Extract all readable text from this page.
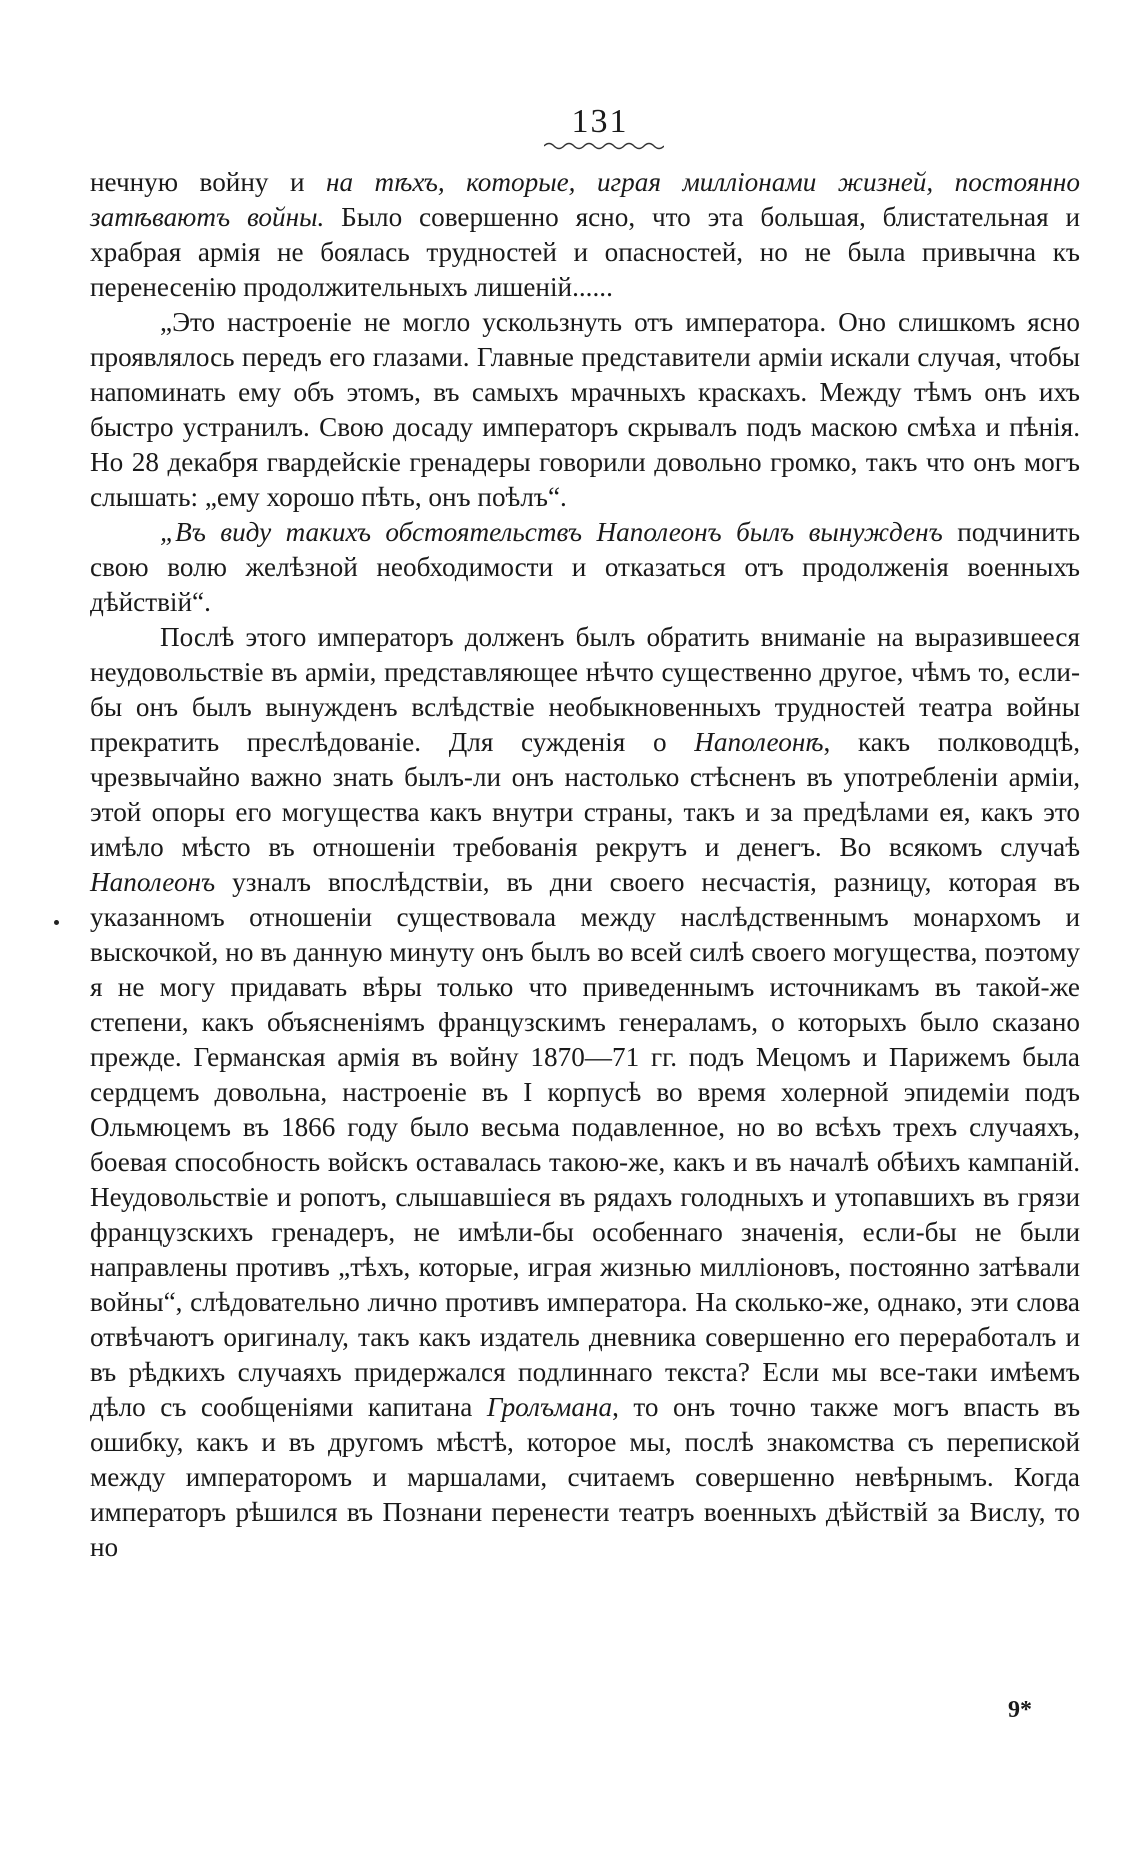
131

нечную войну и на тѣхъ, которые, играя милліонами жизней, постоянно затѣваютъ войны. Было совершенно ясно, что эта большая, блистательная и храбрая армія не боялась трудностей и опасностей, но не была привычна къ перенесенію продолжительныхъ лишеній......

„Это настроеніе не могло ускользнуть отъ императора. Оно слишкомъ ясно проявлялось передъ его глазами. Главные представители арміи искали случая, чтобы напоминать ему объ этомъ, въ самыхъ мрачныхъ краскахъ. Между тѣмъ онъ ихъ быстро устранилъ. Свою досаду императоръ скрывалъ подъ маскою смѣха и пѣнія. Но 28 декабря гвардейскіе гренадеры говорили довольно громко, такъ что онъ могъ слышать: „ему хорошо пѣть, онъ поѣлъ“.

„Въ виду такихъ обстоятельствъ Наполеонъ былъ вынужденъ подчинить свою волю желѣзной необходимости и отказаться отъ продолженія военныхъ дѣйствій“.

Послѣ этого императоръ долженъ былъ обратить вниманіе на выразившееся неудовольствіе въ арміи, представляющее нѣчто существенно другое, чѣмъ то, если-бы онъ былъ вынужденъ вслѣдствіе необыкновенныхъ трудностей театра войны прекратить преслѣдованіе. Для сужденія о Наполеонѣ, какъ полководцѣ, чрезвычайно важно знать былъ-ли онъ настолько стѣсненъ въ употребленіи арміи, этой опоры его могущества какъ внутри страны, такъ и за предѣлами ея, какъ это имѣло мѣсто въ отношеніи требованія рекрутъ и денегъ. Во всякомъ случаѣ Наполеонъ узналъ впослѣдствіи, въ дни своего несчастія, разницу, которая въ указанномъ отношеніи существовала между наслѣдственнымъ монархомъ и выскочкой, но въ данную минуту онъ былъ во всей силѣ своего могущества, поэтому я не могу придавать вѣры только что приведеннымъ источникамъ въ такой-же степени, какъ объясненіямъ французскимъ генераламъ, о которыхъ было сказано прежде. Германская армія въ войну 1870—71 гг. подъ Мецомъ и Парижемъ была сердцемъ довольна, настроеніе въ I корпусѣ во время холерной эпидеміи подъ Ольмюцемъ въ 1866 году было весьма подавленное, но во всѣхъ трехъ случаяхъ, боевая способность войскъ оставалась такою-же, какъ и въ началѣ обѣихъ кампаній. Неудовольствіе и ропотъ, слышавшіеся въ рядахъ голодныхъ и утопавшихъ въ грязи французскихъ гренадеръ, не имѣли-бы особеннаго значенія, если-бы не были направлены противъ „тѣхъ, которые, играя жизнью милліоновъ, постоянно затѣвали войны“, слѣдовательно лично противъ императора. На сколько-же, однако, эти слова отвѣчаютъ оригиналу, такъ какъ издатель дневника совершенно его переработалъ и въ рѣдкихъ случаяхъ придержался подлиннаго текста? Если мы все-таки имѣемъ дѣло съ сообщеніями капитана Гролъмана, то онъ точно также могъ впасть въ ошибку, какъ и въ другомъ мѣстѣ, которое мы, послѣ знакомства съ перепиской между императоромъ и маршалами, считаемъ совершенно невѣрнымъ. Когда императоръ рѣшился въ Познани перенести театръ военныхъ дѣйствій за Вислу, то но

9*
